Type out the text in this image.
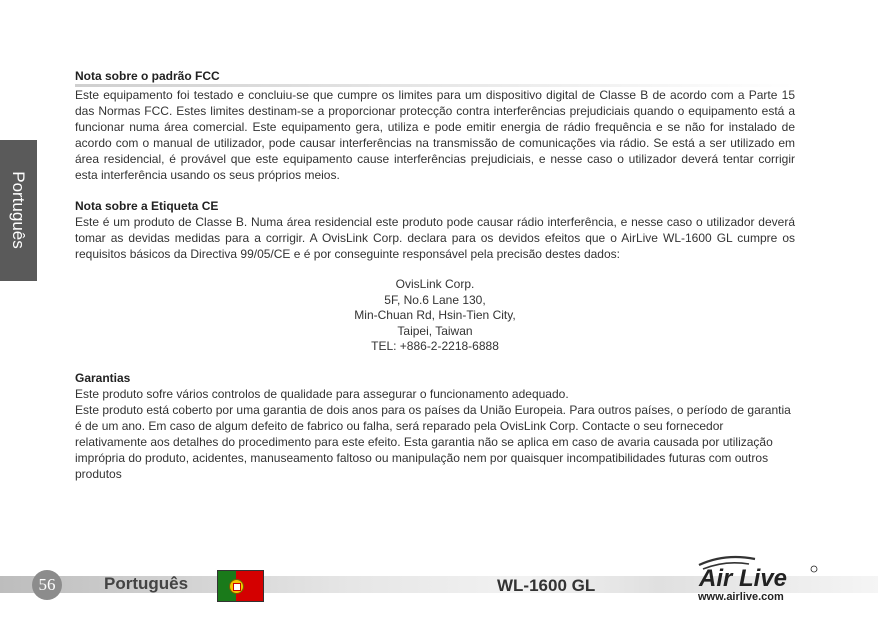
Português
Nota sobre o padrão FCC
Este equipamento foi testado e concluiu-se que cumpre os limites para um dispositivo digital de Classe B de acordo com a Parte 15 das Normas FCC. Estes limites destinam-se a proporcionar protecção contra interferências prejudiciais quando o equipamento está a funcionar numa área comercial. Este equipamento gera, utiliza e pode emitir energia de rádio frequência e se não for instalado de acordo com o manual de utilizador, pode causar interferências na transmissão de comunicações via rádio. Se está a ser utilizado em área residencial, é provável que este equipamento cause interferências prejudiciais, e nesse caso o utilizador deverá tentar corrigir esta interferência usando os seus próprios meios.
Nota sobre a Etiqueta CE
Este é um produto de Classe B. Numa área residencial este produto pode causar rádio interferência, e nesse caso o utilizador deverá tomar as devidas medidas para a corrigir. A OvisLink Corp. declara para os devidos efeitos que o AirLive WL-1600 GL cumpre os requisitos básicos da Directiva 99/05/CE e é por conseguinte responsável pela precisão destes dados:
OvisLink Corp.
5F, No.6 Lane 130,
Min-Chuan Rd, Hsin-Tien City,
Taipei, Taiwan
TEL: +886-2-2218-6888
Garantias
Este produto sofre vários controlos de qualidade para assegurar o funcionamento adequado.
Este produto está coberto por uma garantia de dois anos para os países da União Europeia. Para outros países, o período de garantia é de um ano. Em caso de algum defeito de fabrico ou falha, será reparado pela OvisLink Corp. Contacte o seu fornecedor relativamente aos detalhes do procedimento para este efeito. Esta garantia não se aplica em caso de avaria causada por utilização imprópria do produto, acidentes, manuseamento faltoso ou manipulação nem por quaisquer incompatibilidades futuras com outros produtos
56	Português	WL-1600 GL	Air Live
www.airlive.com
